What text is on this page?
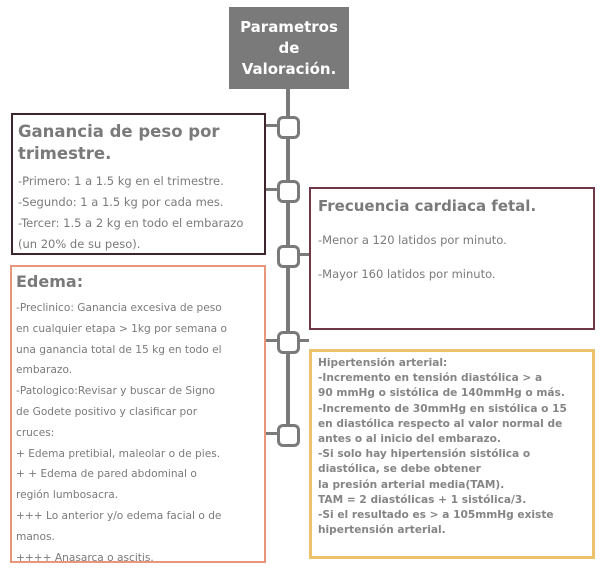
Parametros
de
Valoración.

Ganancia de peso por
trimestre.

-Primero: 1 a 1.5 kg en el trimestre.

-Segundo: 1 a 1.5 kg por cada mes.

-Tercer: 1.5 a 2 kg en todo el embarazo

(un 20% de su peso).

Frecuencia cardiaca fetal.

-Menor a 120 latidos por minuto.

-Mayor 160 latidos por minuto.

Edema:

-Preclinico: Ganancia excesiva de peso

en cualquier etapa > 1kg por semana o

una ganancia total de 15 kg en todo el

embarazo.

-Patologico:Revisar y buscar de Signo

de Godete positivo y clasificar por

cruces:

+ Edema pretibial, maleolar o de pies.

+ + Edema de pared abdominal o

región lumbosacra.

+++ Lo anterior y/o edema facial o de

manos.

++++ Anasarca o ascitis.

Hipertensión arterial:

-Incremento en tensión diastólica > a

90 mmHg o sistólica de 140mmHg o más.

-Incremento de 30mmHg en sistólica o 15

en diastólica respecto al valor normal de

antes o al inicio del embarazo.

-Si solo hay hipertensión sistólica o

diastólica, se debe obtener

la presión arterial media(TAM).

TAM = 2 diastólicas + 1 sistólica/3.

-Si el resultado es > a 105mmHg existe

hipertensión arterial.
